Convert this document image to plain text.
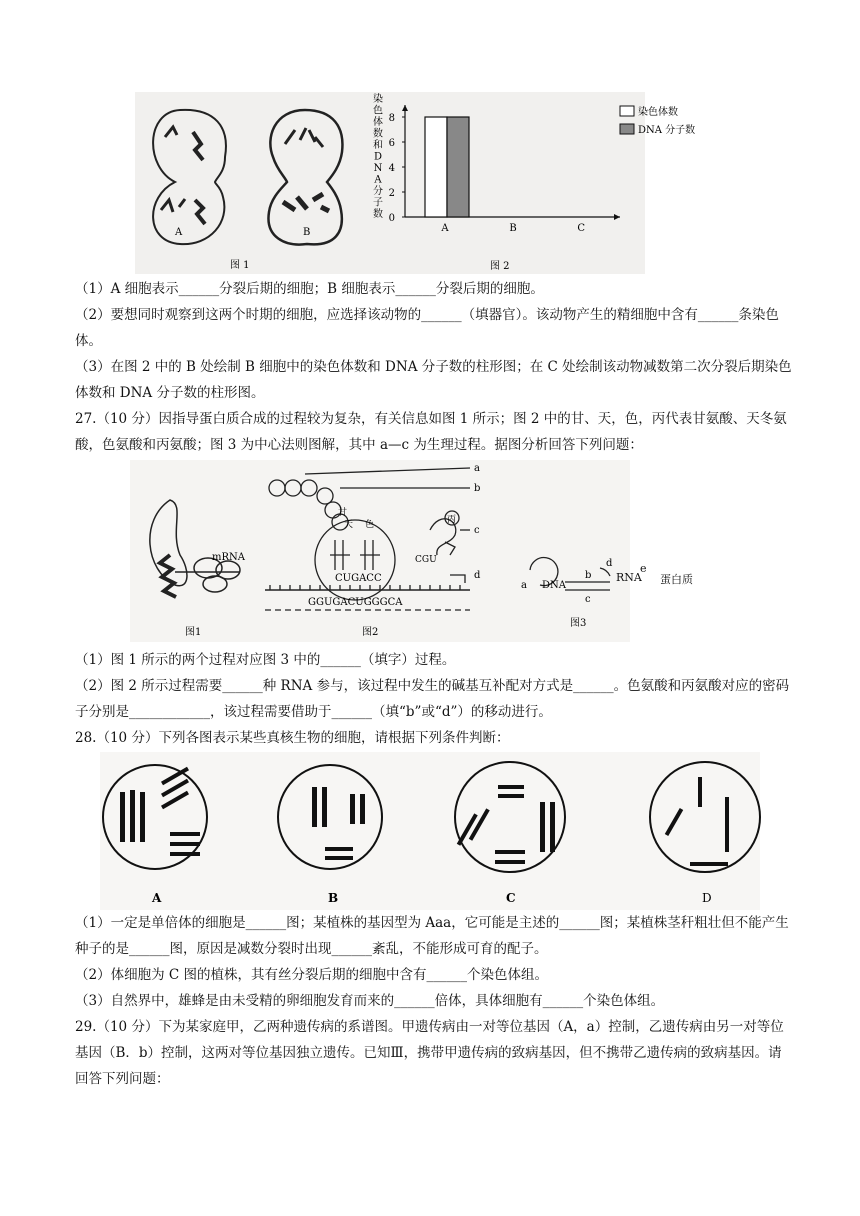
A	B
图 1
0
2
4
6
8
A	B	C
染色体数
DNA 分子数
染
色
体
数
和
D
N
A
分
子
数
图 2
（1）A 细胞表示______分裂后期的细胞；B 细胞表示______分裂后期的细胞。
（2）要想同时观察到这两个时期的细胞，应选择该动物的______（填器官）。该动物产生的精细胞中含有______条染色体。
（3）在图 2 中的 B 处绘制 B 细胞中的染色体数和 DNA 分子数的柱形图；在 C 处绘制该动物减数第二次分裂后期染色体数和 DNA 分子数的柱形图。
27.（10 分）因指导蛋白质合成的过程较为复杂，有关信息如图 1 所示；图 2 中的甘、天，色，丙代表甘氨酸、天冬氨酸，色氨酸和丙氨酸；图 3 为中心法则图解，其中 a—c 为生理过程。据图分析回答下列问题：
mRNA
图1
甘
天 色	丙
CUGACC
GGUGACUGGGCA
CGU
a
b
c
d
图2
DNA
图3
a
b
c
d
RNA
e
蛋白质
（1）图 1 所示的两个过程对应图 3 中的______（填字）过程。
（2）图 2 所示过程需要______种 RNA 参与，该过程中发生的碱基互补配对方式是______。色氨酸和丙氨酸对应的密码子分别是____________，该过程需要借助于______（填“b”或“d”）的移动进行。
28.（10 分）下列各图表示某些真核生物的细胞，请根据下列条件判断：
A	B	C	D
（1）一定是单倍体的细胞是______图；某植株的基因型为 Aaa，它可能是主述的______图；某植株茎秆粗壮但不能产生种子的是______图，原因是减数分裂时出现______紊乱，不能形成可育的配子。
（2）体细胞为 C 图的植株，其有丝分裂后期的细胞中含有______个染色体组。
（3）自然界中，雄蜂是由未受精的卵细胞发育而来的______倍体，具体细胞有______个染色体组。
29.（10 分）下为某家庭甲，乙两种遗传病的系谱图。甲遗传病由一对等位基因（A，a）控制，乙遗传病由另一对等位基因（B．b）控制，这两对等位基因独立遗传。已知Ⅲ，携带甲遗传病的致病基因，但不携带乙遗传病的致病基因。请回答下列问题：
